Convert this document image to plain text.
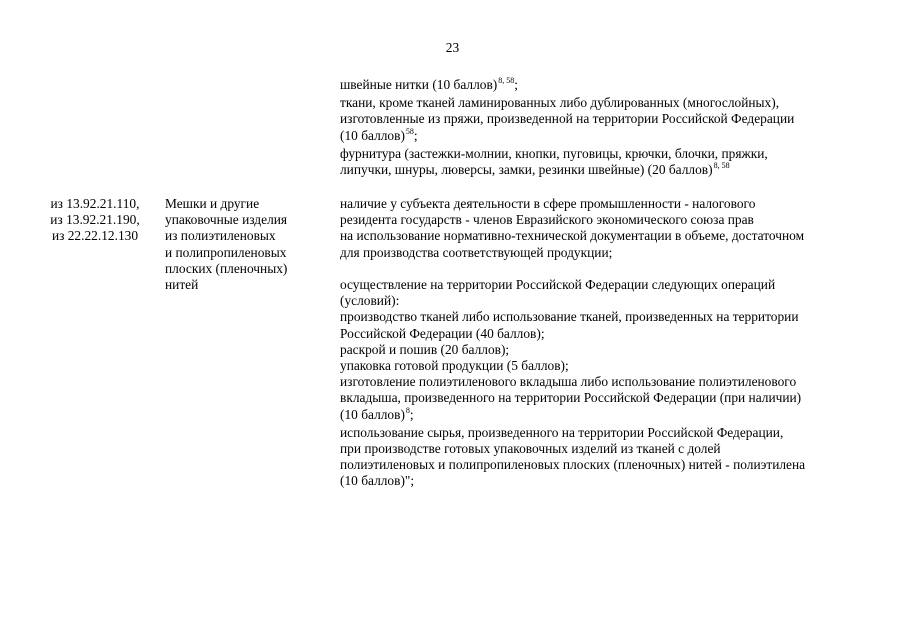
23
швейные нитки (10 баллов)$^{8, 58}$;
ткани, кроме тканей ламинированных либо дублированных (многослойных),
изготовленные из пряжи, произведенной на территории Российской Федерации
(10 баллов)$^{58}$;
фурнитура (застежки-молнии, кнопки, пуговицы, крючки, блочки, пряжки,
липучки, шнуры, люверсы, замки, резинки швейные) (20 баллов)$^{8, 58}$
из 13.92.21.110,
из 13.92.21.190,
из 22.22.12.130
Мешки и другие
упаковочные изделия
из полиэтиленовых
и полипропиленовых
плоских (пленочных)
нитей
наличие у субъекта деятельности в сфере промышленности - налогового
резидента государств - членов Евразийского экономического союза прав
на использование нормативно-технической документации в объеме, достаточном
для производства соответствующей продукции;
осуществление на территории Российской Федерации следующих операций
(условий):
производство тканей либо использование тканей, произведенных на территории
Российской Федерации (40 баллов);
раскрой и пошив (20 баллов);
упаковка готовой продукции (5 баллов);
изготовление полиэтиленового вкладыша либо использование полиэтиленового
вкладыша, произведенного на территории Российской Федерации (при наличии)
(10 баллов)$^8$;
использование сырья, произведенного на территории Российской Федерации,
при производстве готовых упаковочных изделий из тканей с долей
полиэтиленовых и полипропиленовых плоских (пленочных) нитей - полиэтилена
(10 баллов)";
